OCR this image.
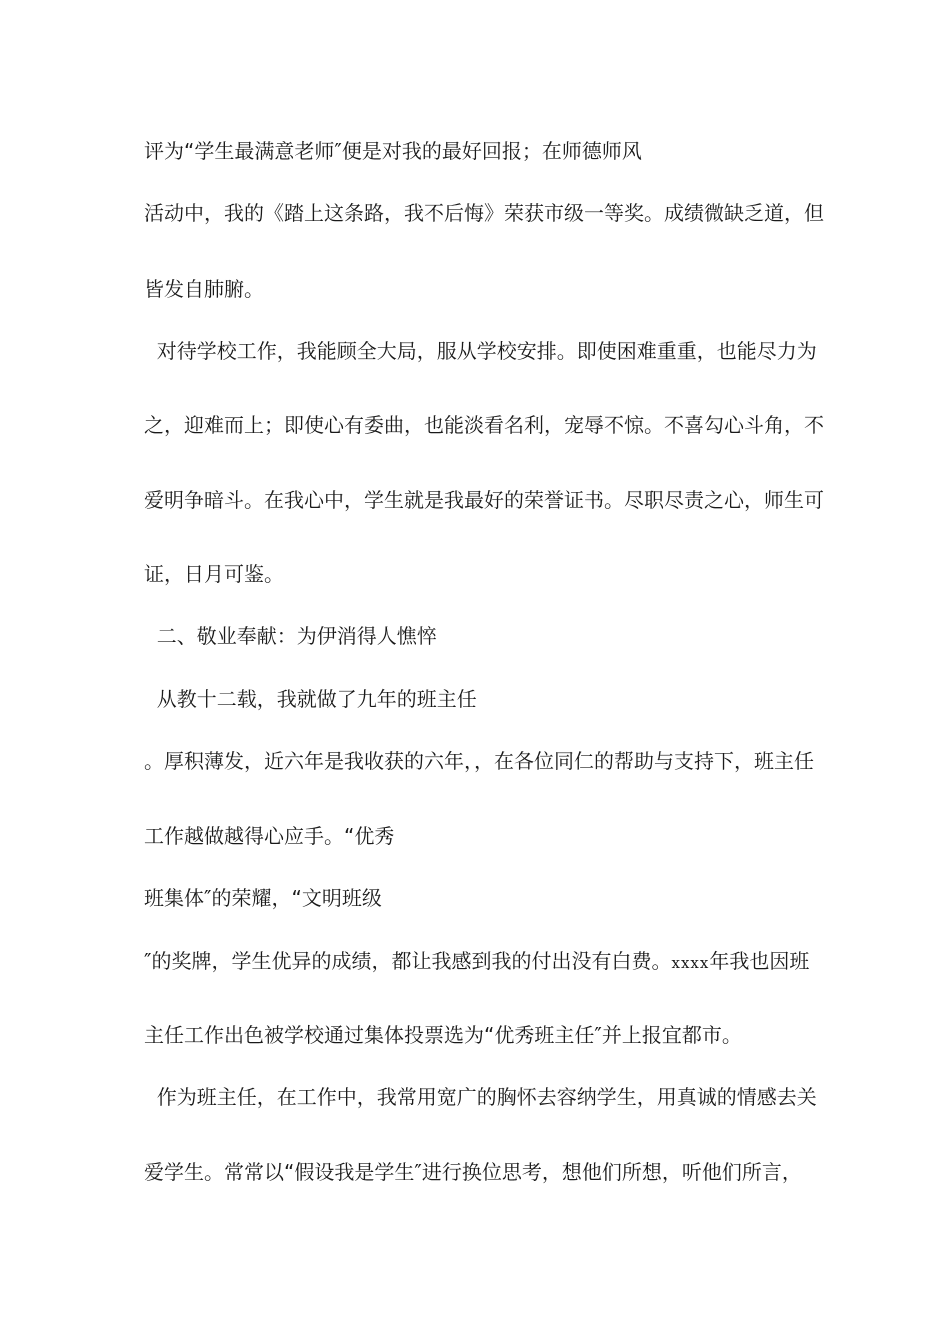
评为“学生最满意老师″便是对我的最好回报；在师德师风
活动中，我的《踏上这条路，我不后悔》荣获市级一等奖。成绩微缺乏道，但
皆发自肺腑。
对待学校工作，我能顾全大局，服从学校安排。即使困难重重，也能尽力为
之，迎难而上；即使心有委曲，也能淡看名利，宠辱不惊。不喜勾心斗角，不
爱明争暗斗。在我心中，学生就是我最好的荣誉证书。尽职尽责之心，师生可
证，日月可鉴。
二、敬业奉献：为伊消得人憔悴
从教十二载，我就做了九年的班主任
。厚积薄发，近六年是我收获的六年，，在各位同仁的帮助与支持下，班主任
工作越做越得心应手。“优秀
班集体″的荣耀，“文明班级
″的奖牌，学生优异的成绩，都让我感到我的付出没有白费。xxxx年我也因班
主任工作出色被学校通过集体投票选为“优秀班主任″并上报宜都市。
作为班主任，在工作中，我常用宽广的胸怀去容纳学生，用真诚的情感去关
爱学生。常常以“假设我是学生″进行换位思考，想他们所想，听他们所言，
